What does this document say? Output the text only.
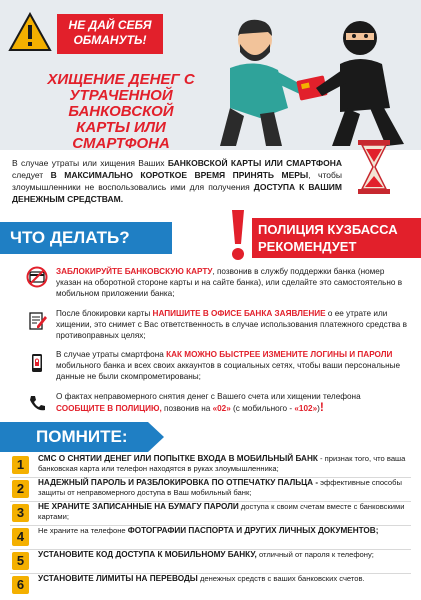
НЕ ДАЙ СЕБЯ ОБМАНУТЬ!
ХИЩЕНИЕ ДЕНЕГ С УТРАЧЕННОЙ БАНКОВСКОЙ КАРТЫ ИЛИ СМАРТФОНА
В случае утраты или хищения Ваших БАНКОВСКОЙ КАРТЫ ИЛИ СМАРТФОНА следует В МАКСИМАЛЬНО КОРОТКОЕ ВРЕМЯ ПРИНЯТЬ МЕРЫ, чтобы злоумышленники не воспользовались ими для получения ДОСТУПА К ВАШИМ ДЕНЕЖНЫМ СРЕДСТВАМ.
ЧТО ДЕЛАТЬ?	ПОЛИЦИЯ КУЗБАССА
РЕКОМЕНДУЕТ
ЗАБЛОКИРУЙТЕ БАНКОВСКУЮ КАРТУ, позвонив в службу поддержки банка (номер указан на оборотной стороне карты и на сайте банка), или сделайте это самостоятельно в мобильном приложении банка;
После блокировки карты НАПИШИТЕ В ОФИСЕ БАНКА ЗАЯВЛЕНИЕ о ее утрате или хищении, это снимет с Вас ответственность в случае использования платежного средства в противоправных целях;
В случае утраты смартфона КАК МОЖНО БЫСТРЕЕ ИЗМЕНИТЕ ЛОГИНЫ И ПАРОЛИ мобильного банка и всех своих аккаунтов в социальных сетях, чтобы ваши персональные данные не были скомпрометированы;
О фактах неправомерного снятия денег с Вашего счета или хищении телефона СООБЩИТЕ В ПОЛИЦИЮ, позвонив на «02» (с мобильного - «102»)!
ПОМНИТЕ:
1	СМС О СНЯТИИ ДЕНЕГ ИЛИ ПОПЫТКЕ ВХОДА В МОБИЛЬНЫЙ БАНК - признак того, что ваша банковская карта или телефон находятся в руках злоумышленника;
2	НАДЕЖНЫЙ ПАРОЛЬ И РАЗБЛОКИРОВКА ПО ОТПЕЧАТКУ ПАЛЬЦА - эффективные способы защиты от неправомерного доступа в Ваш мобильный банк;
3	НЕ ХРАНИТЕ ЗАПИСАННЫЕ НА БУМАГУ ПАРОЛИ доступа к своим счетам вместе с банковскими картами;
4	Не храните на телефоне ФОТОГРАФИИ ПАСПОРТА И ДРУГИХ ЛИЧНЫХ ДОКУМЕНТОВ;
5	УСТАНОВИТЕ КОД ДОСТУПА К МОБИЛЬНОМУ БАНКУ, отличный от пароля к телефону;
6	УСТАНОВИТЕ ЛИМИТЫ НА ПЕРЕВОДЫ денежных средств с ваших банковских счетов.
